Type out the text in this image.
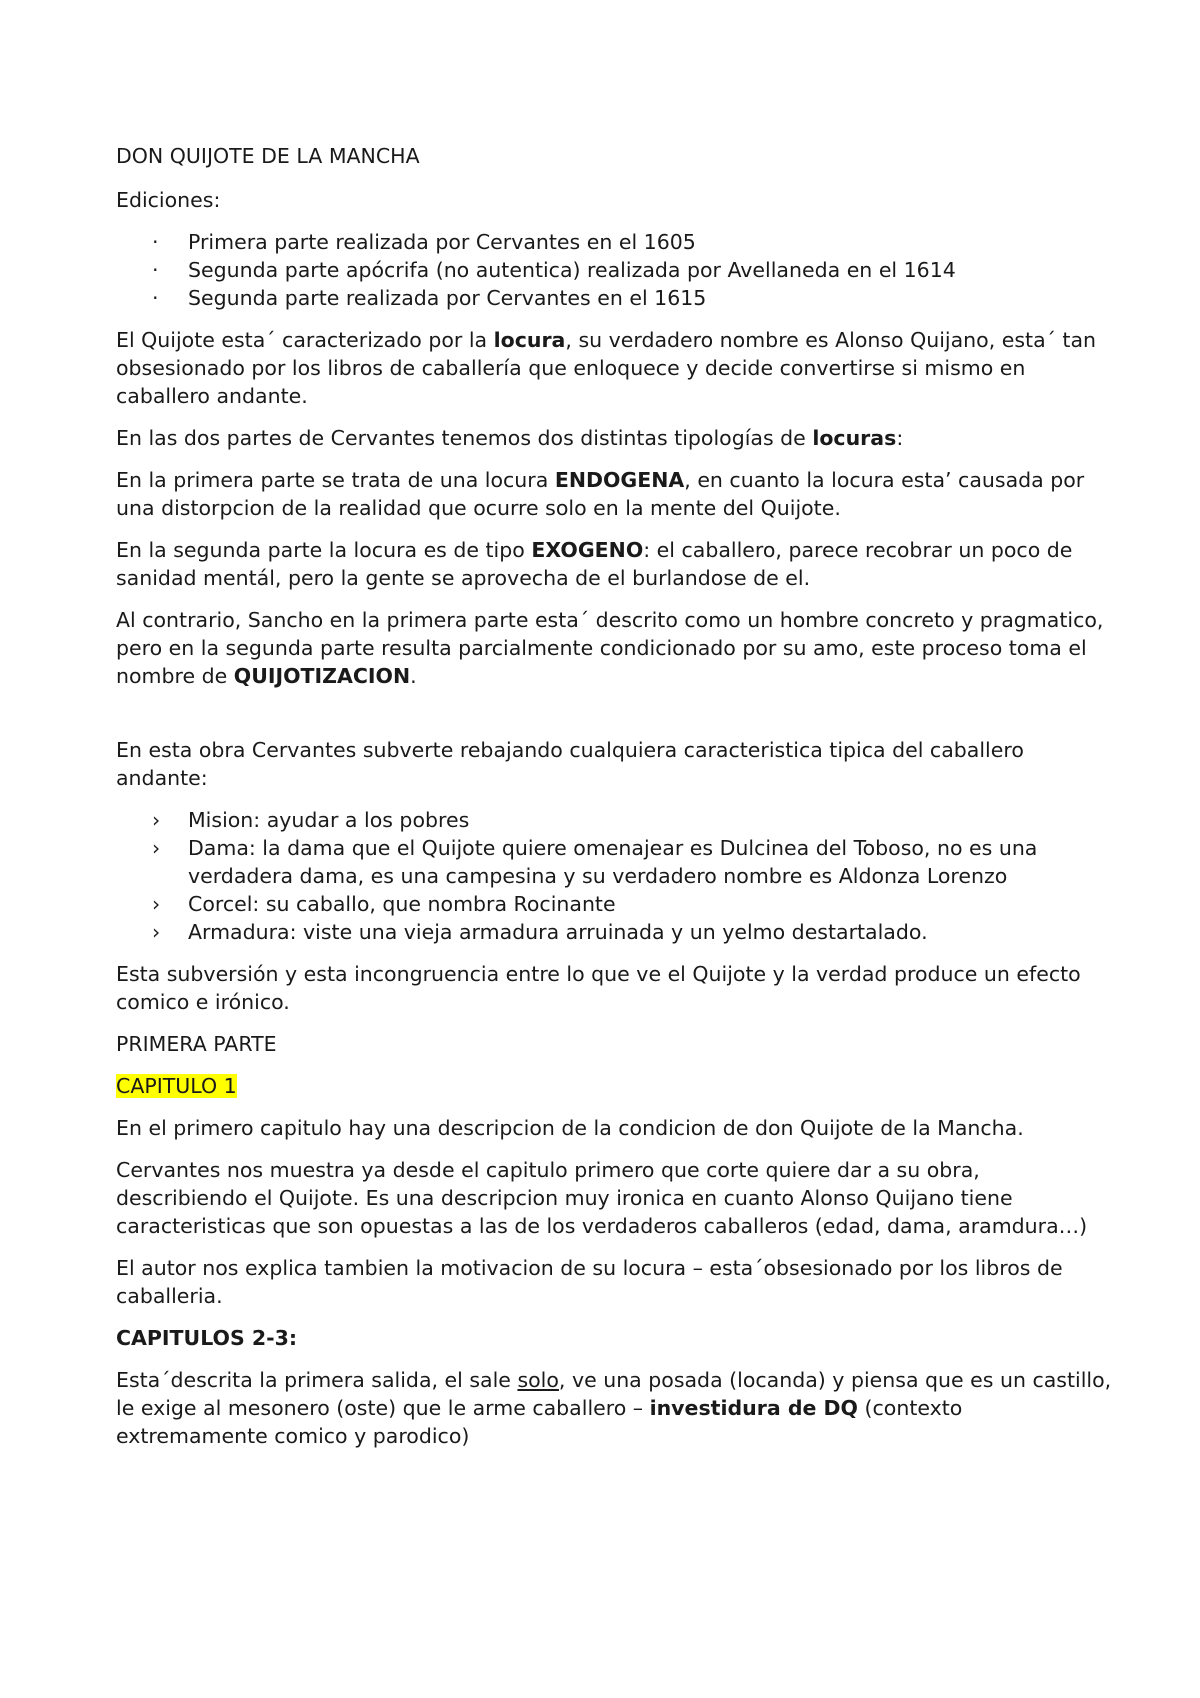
DON QUIJOTE DE LA MANCHA

Ediciones:

· Primera parte realizada por Cervantes en el 1605
· Segunda parte apócrifa (no autentica) realizada por Avellaneda en el 1614
· Segunda parte realizada por Cervantes en el 1615

El Quijote esta´ caracterizado por la locura, su verdadero nombre es Alonso Quijano, esta´ tan obsesionado por los libros de caballería que enloquece y decide convertirse si mismo en caballero andante.

En las dos partes de Cervantes tenemos dos distintas tipologías de locuras:

En la primera parte se trata de una locura ENDOGENA, en cuanto la locura esta’ causada por una distorpcion de la realidad que ocurre solo en la mente del Quijote.

En la segunda parte la locura es de tipo EXOGENO: el caballero, parece recobrar un poco de sanidad mentál, pero la gente se aprovecha de el burlandose de el.

Al contrario, Sancho en la primera parte esta´ descrito como un hombre concreto y pragmatico, pero en la segunda parte resulta parcialmente condicionado por su amo, este proceso toma el nombre de QUIJOTIZACION.

En esta obra Cervantes subverte rebajando cualquiera caracteristica tipica del caballero andante:

› Mision: ayudar a los pobres
› Dama: la dama que el Quijote quiere omenajear es Dulcinea del Toboso, no es una verdadera dama, es una campesina y su verdadero nombre es Aldonza Lorenzo
› Corcel: su caballo, que nombra Rocinante
› Armadura: viste una vieja armadura arruinada y un yelmo destartalado.

Esta subversión y esta incongruencia entre lo que ve el Quijote y la verdad produce un efecto comico e irónico.

PRIMERA PARTE

CAPITULO 1

En el primero capitulo hay una descripcion de la condicion de don Quijote de la Mancha.

Cervantes nos muestra ya desde el capitulo primero que corte quiere dar a su obra, describiendo el Quijote. Es una descripcion muy ironica en cuanto Alonso Quijano tiene caracteristicas que son opuestas a las de los verdaderos caballeros (edad, dama, aramdura…)

El autor nos explica tambien la motivacion de su locura – esta´obsesionado por los libros de caballeria.

CAPITULOS 2-3:

Esta´descrita la primera salida, el sale solo, ve una posada (locanda) y piensa que es un castillo, le exige al mesonero (oste) que le arme caballero – investidura de DQ (contexto extremamente comico y parodico)
